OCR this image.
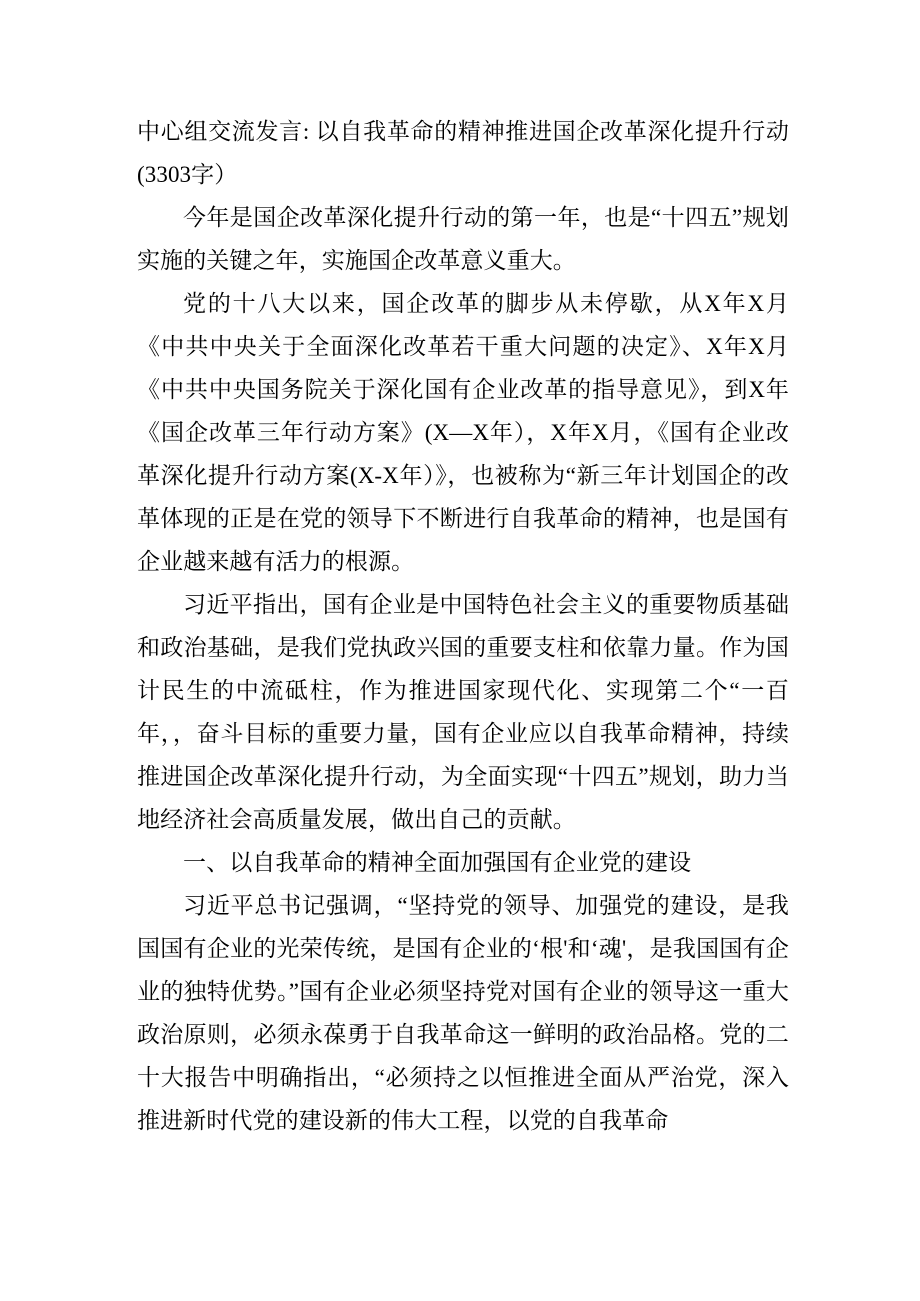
中心组交流发言: 以自我革命的精神推进国企改革深化提升行动(3303字）

今年是国企改革深化提升行动的第一年，也是“十四五”规划实施的关键之年，实施国企改革意义重大。

党的十八大以来，国企改革的脚步从未停歇，从X年X月《中共中央关于全面深化改革若干重大问题的决定》、X年X月《中共中央国务院关于深化国有企业改革的指导意见》，到X年《国企改革三年行动方案》(X—X年），X年X月，《国有企业改革深化提升行动方案(X-X年）》，也被称为“新三年计划国企的改革体现的正是在党的领导下不断进行自我革命的精神，也是国有企业越来越有活力的根源。

习近平指出，国有企业是中国特色社会主义的重要物质基础和政治基础，是我们党执政兴国的重要支柱和依靠力量。作为国计民生的中流砥柱，作为推进国家现代化、实现第二个“一百年，，奋斗目标的重要力量，国有企业应以自我革命精神，持续推进国企改革深化提升行动，为全面实现“十四五”规划，助力当地经济社会高质量发展，做出自己的贡献。

一、以自我革命的精神全面加强国有企业党的建设

习近平总书记强调，“坚持党的领导、加强党的建设，是我国国有企业的光荣传统，是国有企业的‘根'和‘魂'，是我国国有企业的独特优势。”国有企业必须坚持党对国有企业的领导这一重大政治原则，必须永葆勇于自我革命这一鲜明的政治品格。党的二十大报告中明确指出，“必须持之以恒推进全面从严治党，深入推进新时代党的建设新的伟大工程，以党的自我革命
